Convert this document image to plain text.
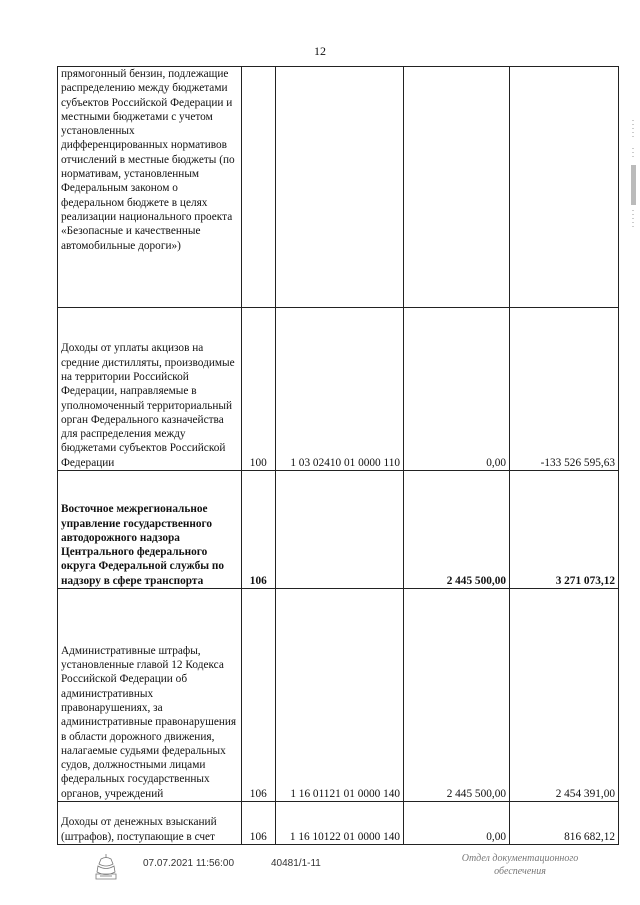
12
прямогонный бензин, подлежащие распределению между бюджетами субъектов Российской Федерации и местными бюджетами с учетом установленных дифференцированных нормативов отчислений в местные бюджеты (по нормативам, установленным Федеральным законом о федеральном бюджете в целях реализации национального проекта «Безопасные и качественные автомобильные дороги»)				
Доходы от уплаты акцизов на средние дистилляты, производимые на территории Российской Федерации, направляемые в уполномоченный территориальный орган Федерального казначейства для распределения между бюджетами субъектов Российской Федерации	100	1 03 02410 01 0000 110	0,00	-133 526 595,63
Восточное межрегиональное управление государственного автодорожного надзора Центрального федерального округа Федеральной службы по надзору в сфере транспорта	106		2 445 500,00	3 271 073,12
Административные штрафы, установленные главой 12 Кодекса Российской Федерации об административных правонарушениях, за административные правонарушения в области дорожного движения, налагаемые судьями федеральных судов, должностными лицами федеральных государственных органов, учреждений	106	1 16 01121 01 0000 140	2 445 500,00	2 454 391,00
Доходы от денежных взысканий (штрафов), поступающие в счет	106	1 16 10122 01 0000 140	0,00	816 682,12
07.07.2021 11:56:00	40481/1-11	Отдел документационного
обеспечения
